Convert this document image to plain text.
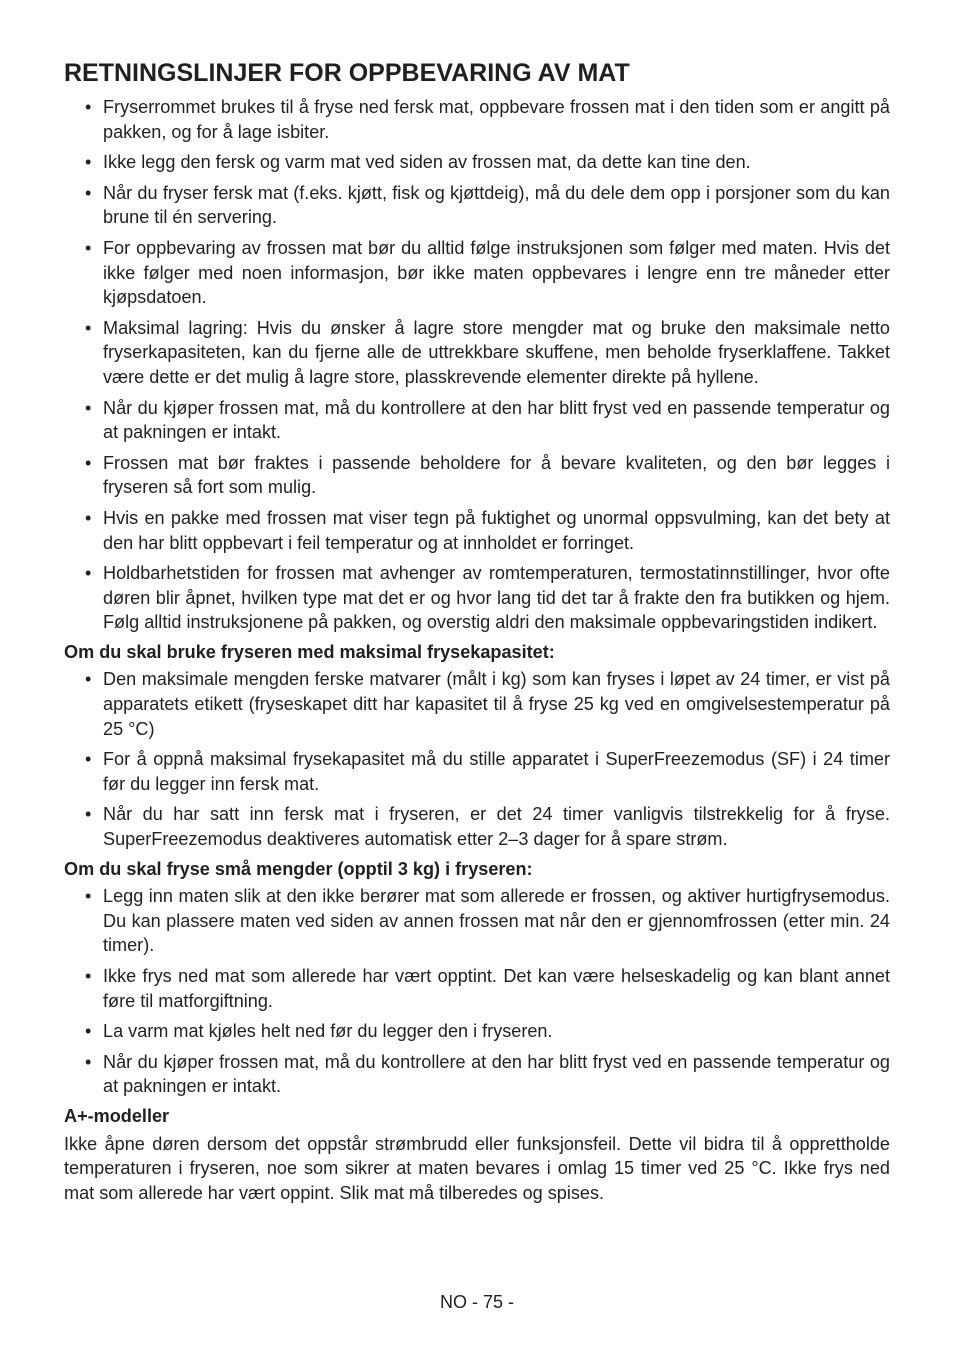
RETNINGSLINJER FOR OPPBEVARING AV MAT
• Fryserrommet brukes til å fryse ned fersk mat, oppbevare frossen mat i den tiden som er angitt på pakken, og for å lage isbiter.
• Ikke legg den fersk og varm mat ved siden av frossen mat, da dette kan tine den.
• Når du fryser fersk mat (f.eks. kjøtt, fisk og kjøttdeig), må du dele dem opp i porsjoner som du kan brune til én servering.
• For oppbevaring av frossen mat bør du alltid følge instruksjonen som følger med maten. Hvis det ikke følger med noen informasjon, bør ikke maten oppbevares i lengre enn tre måneder etter kjøpsdatoen.
• Maksimal lagring: Hvis du ønsker å lagre store mengder mat og bruke den maksimale netto fryserkapasiteten, kan du fjerne alle de uttrekkbare skuffene, men beholde fryserklaffene. Takket være dette er det mulig å lagre store, plasskrevende elementer direkte på hyllene.
• Når du kjøper frossen mat, må du kontrollere at den har blitt fryst ved en passende temperatur og at pakningen er intakt.
• Frossen mat bør fraktes i passende beholdere for å bevare kvaliteten, og den bør legges i fryseren så fort som mulig.
• Hvis en pakke med frossen mat viser tegn på fuktighet og unormal oppsvulming, kan det bety at den har blitt oppbevart i feil temperatur og at innholdet er forringet.
• Holdbarhetstiden for frossen mat avhenger av romtemperaturen, termostatinnstillinger, hvor ofte døren blir åpnet, hvilken type mat det er og hvor lang tid det tar å frakte den fra butikken og hjem. Følg alltid instruksjonene på pakken, og overstig aldri den maksimale oppbevaringstiden indikert.
Om du skal bruke fryseren med maksimal frysekapasitet:
• Den maksimale mengden ferske matvarer (målt i kg) som kan fryses i løpet av 24 timer, er vist på apparatets etikett (fryseskapet ditt har kapasitet til å fryse 25 kg ved en omgivelsestemperatur på 25 °C)
• For å oppnå maksimal frysekapasitet må du stille apparatet i SuperFreezemodus (SF) i 24 timer før du legger inn fersk mat.
• Når du har satt inn fersk mat i fryseren, er det 24 timer vanligvis tilstrekkelig for å fryse. SuperFreezemodus deaktiveres automatisk etter 2–3 dager for å spare strøm.
Om du skal fryse små mengder (opptil 3 kg) i fryseren:
• Legg inn maten slik at den ikke berører mat som allerede er frossen, og aktiver hurtigfrysemodus. Du kan plassere maten ved siden av annen frossen mat når den er gjennomfrossen (etter min. 24 timer).
• Ikke frys ned mat som allerede har vært opptint. Det kan være helseskadelig og kan blant annet føre til matforgiftning.
• La varm mat kjøles helt ned før du legger den i fryseren.
• Når du kjøper frossen mat, må du kontrollere at den har blitt fryst ved en passende temperatur og at pakningen er intakt.
A+-modeller

Ikke åpne døren dersom det oppstår strømbrudd eller funksjonsfeil. Dette vil bidra til å opprettholde temperaturen i fryseren, noe som sikrer at maten bevares i omlag 15 timer ved 25 °C. Ikke frys ned mat som allerede har vært oppint. Slik mat må tilberedes og spises.

NO - 75 -
